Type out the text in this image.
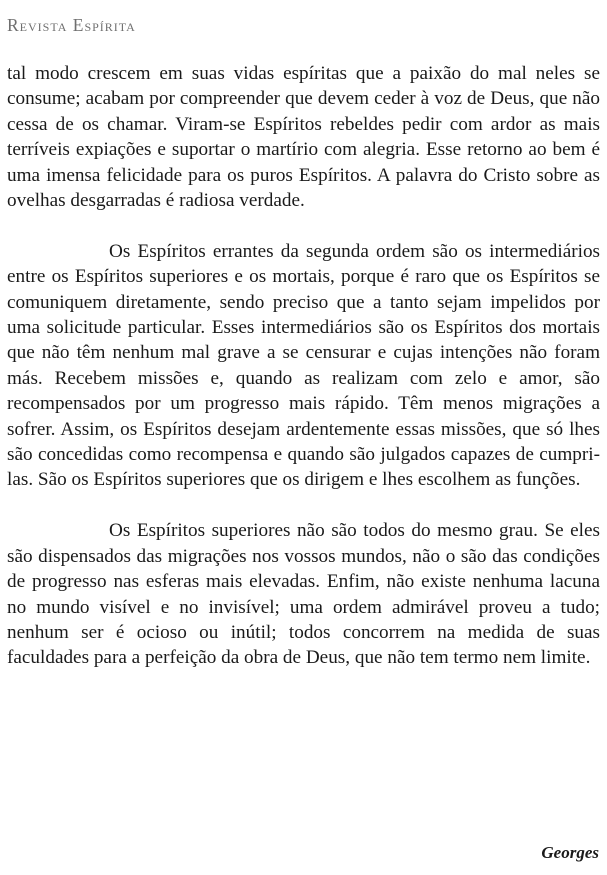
Revista Espírita

tal modo crescem em suas vidas espíritas que a paixão do mal neles se consume; acabam por compreender que devem ceder à voz de Deus, que não cessa de os chamar. Viram-se Espíritos rebeldes pedir com ardor as mais terríveis expiações e suportar o martírio com alegria. Esse retorno ao bem é uma imensa felicidade para os puros Espíritos. A palavra do Cristo sobre as ovelhas desgarradas é radiosa verdade.

Os Espíritos errantes da segunda ordem são os intermediários entre os Espíritos superiores e os mortais, porque é raro que os Espíritos se comuniquem diretamente, sendo preciso que a tanto sejam impelidos por uma solicitude particular. Esses intermediários são os Espíritos dos mortais que não têm nenhum mal grave a se censurar e cujas intenções não foram más. Recebem missões e, quando as realizam com zelo e amor, são recompensados por um progresso mais rápido. Têm menos migrações a sofrer. Assim, os Espíritos desejam ardentemente essas missões, que só lhes são concedidas como recompensa e quando são julgados capazes de cumpri-las. São os Espíritos superiores que os dirigem e lhes escolhem as funções.

Os Espíritos superiores não são todos do mesmo grau. Se eles são dispensados das migrações nos vossos mundos, não o são das condições de progresso nas esferas mais elevadas. Enfim, não existe nenhuma lacuna no mundo visível e no invisível; uma ordem admirável proveu a tudo; nenhum ser é ocioso ou inútil; todos concorrem na medida de suas faculdades para a perfeição da obra de Deus, que não tem termo nem limite.

Georges
